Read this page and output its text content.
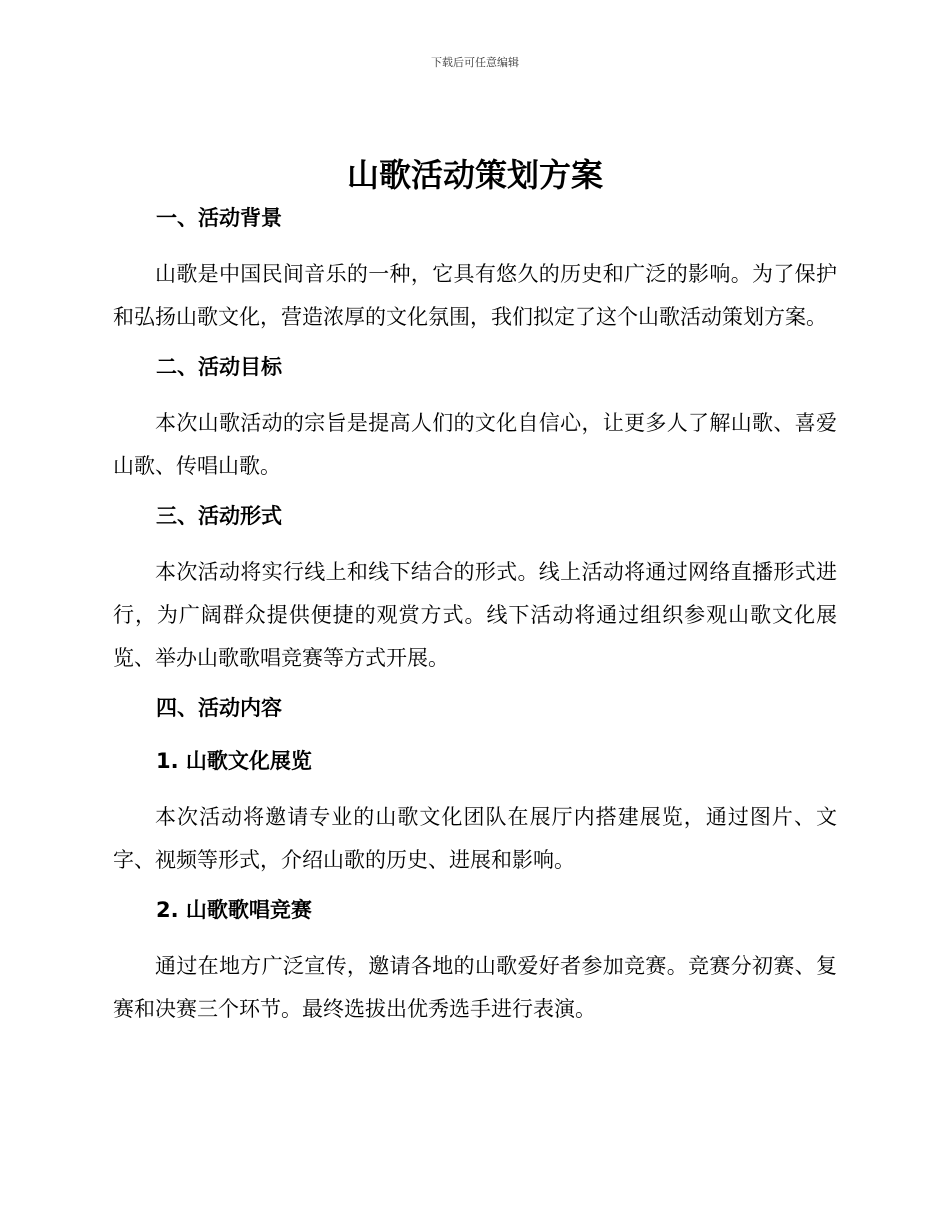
下载后可任意编辑
山歌活动策划方案
一、活动背景

山歌是中国民间音乐的一种，它具有悠久的历史和广泛的影响。为了保护和弘扬山歌文化，营造浓厚的文化氛围，我们拟定了这个山歌活动策划方案。

二、活动目标

本次山歌活动的宗旨是提高人们的文化自信心，让更多人了解山歌、喜爱山歌、传唱山歌。

三、活动形式

本次活动将实行线上和线下结合的形式。线上活动将通过网络直播形式进行，为广阔群众提供便捷的观赏方式。线下活动将通过组织参观山歌文化展览、举办山歌歌唱竞赛等方式开展。

四、活动内容
1. 山歌文化展览

本次活动将邀请专业的山歌文化团队在展厅内搭建展览，通过图片、文字、视频等形式，介绍山歌的历史、进展和影响。

2. 山歌歌唱竞赛

通过在地方广泛宣传，邀请各地的山歌爱好者参加竞赛。竞赛分初赛、复赛和决赛三个环节。最终选拔出优秀选手进行表演。
